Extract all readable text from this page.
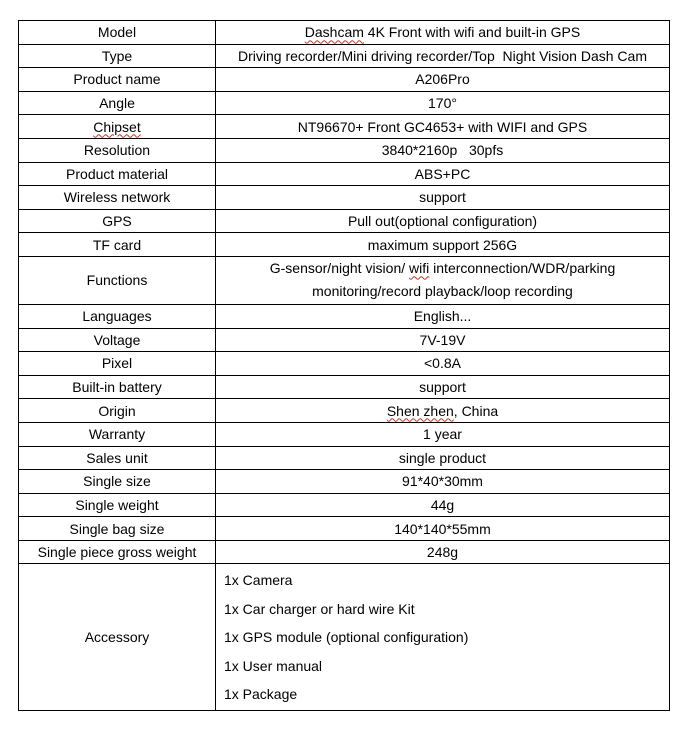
Model	Dashcam 4K Front with wifi and built-in GPS
Type	Driving recorder/Mini driving recorder/Top  Night Vision Dash Cam
Product name	A206Pro
Angle	170°
Chipset	NT96670+ Front GC4653+ with WIFI and GPS
Resolution	3840*2160p   30pfs
Product material	ABS+PC
Wireless network	support
GPS	Pull out(optional configuration)
TF card	maximum support 256G
Functions	G-sensor/night vision/ wifi interconnection/WDR/parking
monitoring/record playback/loop recording
Languages	English...
Voltage	7V-19V
Pixel	<0.8A
Built-in battery	support
Origin	Shen zhen, China
Warranty	1 year
Sales unit	single product
Single size	91*40*30mm
Single weight	44g
Single bag size	140*140*55mm
Single piece gross weight	248g
Accessory	1x Camera
1x Car charger or hard wire Kit
1x GPS module (optional configuration)
1x User manual
1x Package
